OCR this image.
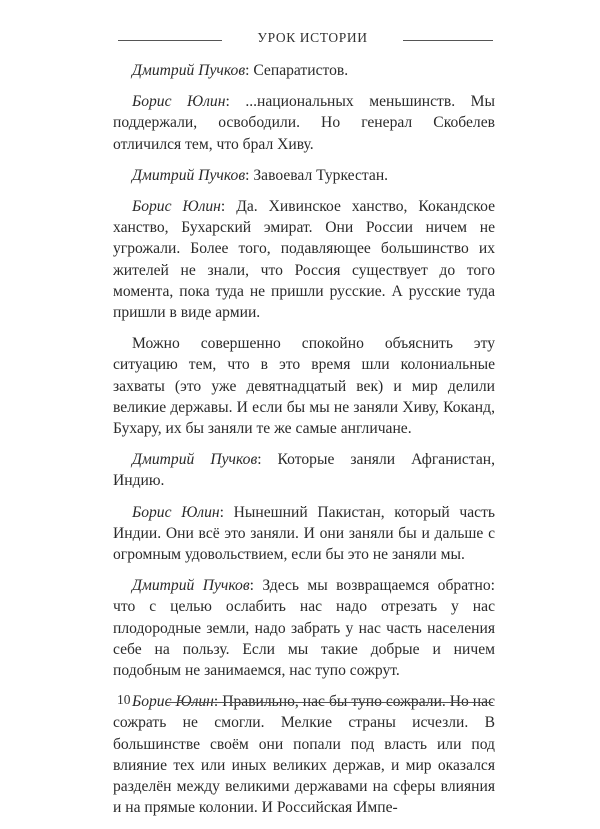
УРОК ИСТОРИИ

Дмитрий Пучков: Сепаратистов.

Борис Юлин: ...национальных меньшинств. Мы поддержали, освободили. Но генерал Скобелев отличился тем, что брал Хиву.

Дмитрий Пучков: Завоевал Туркестан.

Борис Юлин: Да. Хивинское ханство, Кокандское ханство, Бухарский эмират. Они России ничем не угрожали. Более того, подавляющее большинство их жителей не знали, что Россия существует до того момента, пока туда не пришли русские. А русские туда пришли в виде армии.

Можно совершенно спокойно объяснить эту ситуацию тем, что в это время шли колониальные захваты (это уже девятнадцатый век) и мир делили великие державы. И если бы мы не заняли Хиву, Коканд, Бухару, их бы заняли те же самые англичане.

Дмитрий Пучков: Которые заняли Афганистан, Индию.

Борис Юлин: Нынешний Пакистан, который часть Индии. Они всё это заняли. И они заняли бы и дальше с огромным удовольствием, если бы это не заняли мы.

Дмитрий Пучков: Здесь мы возвращаемся обратно: что с целью ослабить нас надо отрезать у нас плодородные земли, надо забрать у нас часть населения себе на пользу. Если мы такие добрые и ничем подобным не занимаемся, нас тупо сожрут.

Борис Юлин: Правильно, нас бы тупо сожрали. Но нас сожрать не смогли. Мелкие страны исчезли. В большинстве своём они попали под власть или под влияние тех или иных великих держав, и мир оказался разделён между великими державами на сферы влияния и на прямые колонии. И Российская Импе-

10
